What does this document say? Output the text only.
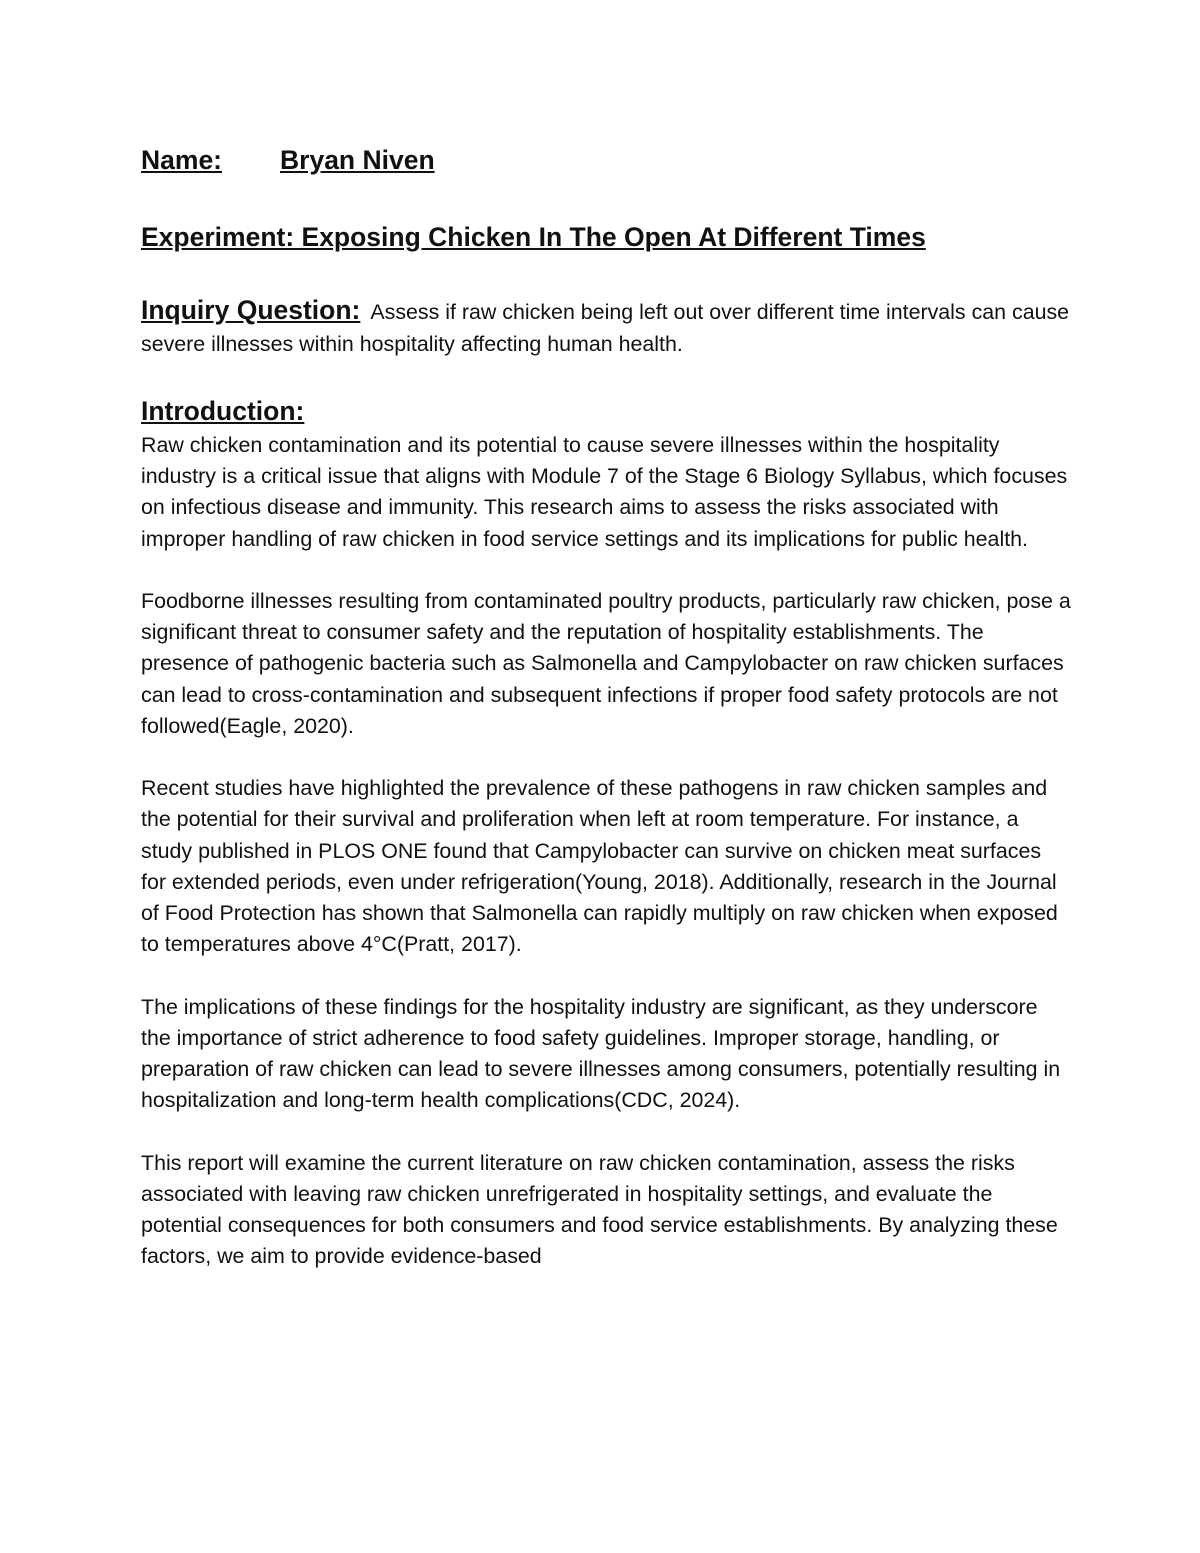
Name:	Bryan Niven
Experiment: Exposing Chicken In The Open At Different Times
Inquiry Question: Assess if raw chicken being left out over different time intervals can cause severe illnesses within hospitality affecting human health.
Introduction:

Raw chicken contamination and its potential to cause severe illnesses within the hospitality industry is a critical issue that aligns with Module 7 of the Stage 6 Biology Syllabus, which focuses on infectious disease and immunity. This research aims to assess the risks associated with improper handling of raw chicken in food service settings and its implications for public health.

Foodborne illnesses resulting from contaminated poultry products, particularly raw chicken, pose a significant threat to consumer safety and the reputation of hospitality establishments. The presence of pathogenic bacteria such as Salmonella and Campylobacter on raw chicken surfaces can lead to cross-contamination and subsequent infections if proper food safety protocols are not followed(Eagle, 2020).

Recent studies have highlighted the prevalence of these pathogens in raw chicken samples and the potential for their survival and proliferation when left at room temperature. For instance, a study published in PLOS ONE found that Campylobacter can survive on chicken meat surfaces for extended periods, even under refrigeration(Young, 2018). Additionally, research in the Journal of Food Protection has shown that Salmonella can rapidly multiply on raw chicken when exposed to temperatures above 4°C(Pratt, 2017).

The implications of these findings for the hospitality industry are significant, as they underscore the importance of strict adherence to food safety guidelines. Improper storage, handling, or preparation of raw chicken can lead to severe illnesses among consumers, potentially resulting in hospitalization and long-term health complications(CDC, 2024).

This report will examine the current literature on raw chicken contamination, assess the risks associated with leaving raw chicken unrefrigerated in hospitality settings, and evaluate the potential consequences for both consumers and food service establishments. By analyzing these factors, we aim to provide evidence-based
